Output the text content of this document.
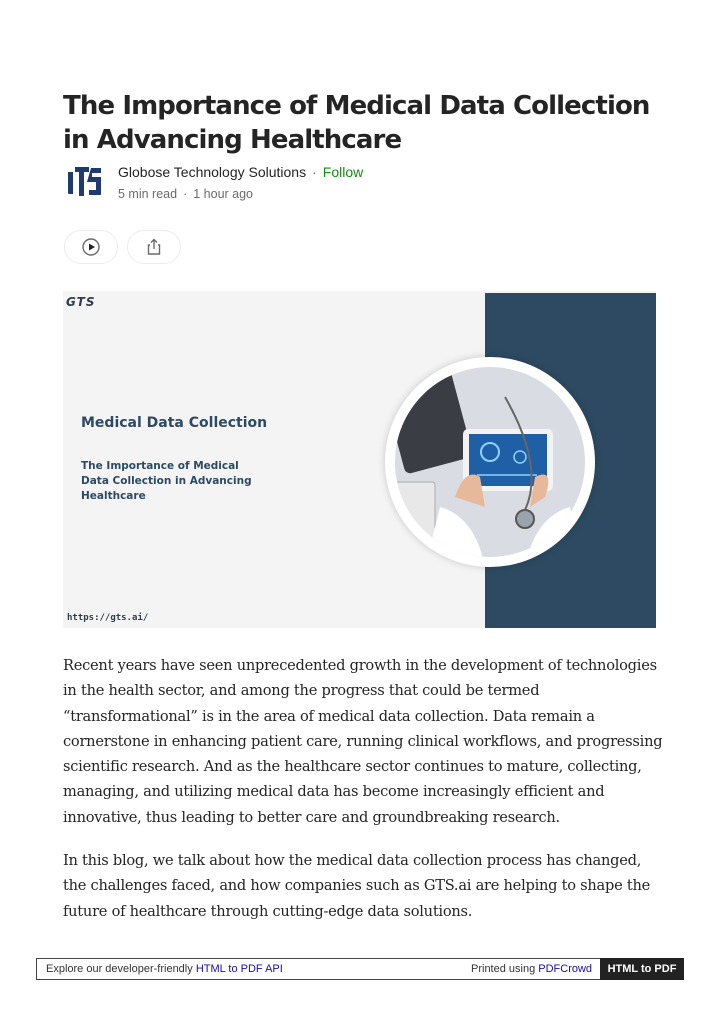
The Importance of Medical Data Collection in Advancing Healthcare
Globose Technology Solutions · Follow
5 min read · 1 hour ago
GTS
Medical Data Collection
The Importance of Medical Data Collection in Advancing Healthcare
https://gts.ai/

Recent years have seen unprecedented growth in the development of technologies in the health sector, and among the progress that could be termed “transformational” is in the area of medical data collection. Data remain a cornerstone in enhancing patient care, running clinical workflows, and progressing scientific research. And as the healthcare sector continues to mature, collecting, managing, and utilizing medical data has become increasingly efficient and innovative, thus leading to better care and groundbreaking research.

In this blog, we talk about how the medical data collection process has changed, the challenges faced, and how companies such as GTS.ai are helping to shape the future of healthcare through cutting-edge data solutions.

Explore our developer-friendly HTML to PDF API	Printed using PDFCrowd	HTML to PDF
